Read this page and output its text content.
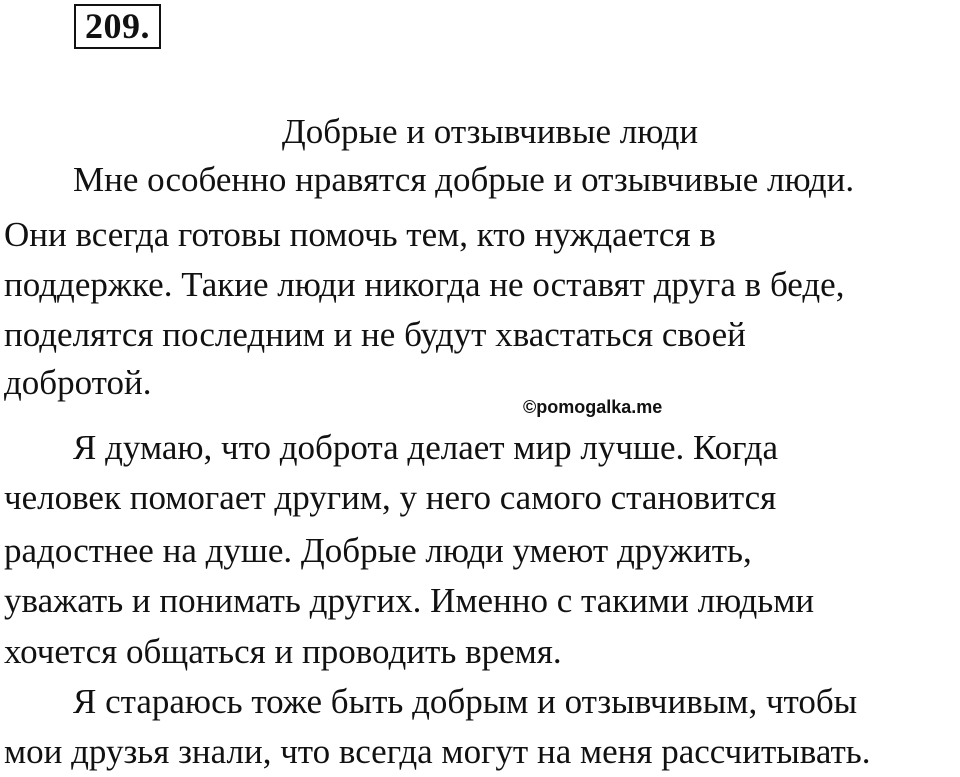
209.
Добрые и отзывчивые люди
Мне особенно нравятся добрые и отзывчивые люди.
Они всегда готовы помочь тем, кто нуждается в
поддержке. Такие люди никогда не оставят друга в беде,
поделятся последним и не будут хвастаться своей
добротой.
©pomogalka.me
Я думаю, что доброта делает мир лучше. Когда
человек помогает другим, у него самого становится
радостнее на душе. Добрые люди умеют дружить,
уважать и понимать других. Именно с такими людьми
хочется общаться и проводить время.
Я стараюсь тоже быть добрым и отзывчивым, чтобы
мои друзья знали, что всегда могут на меня рассчитывать.
